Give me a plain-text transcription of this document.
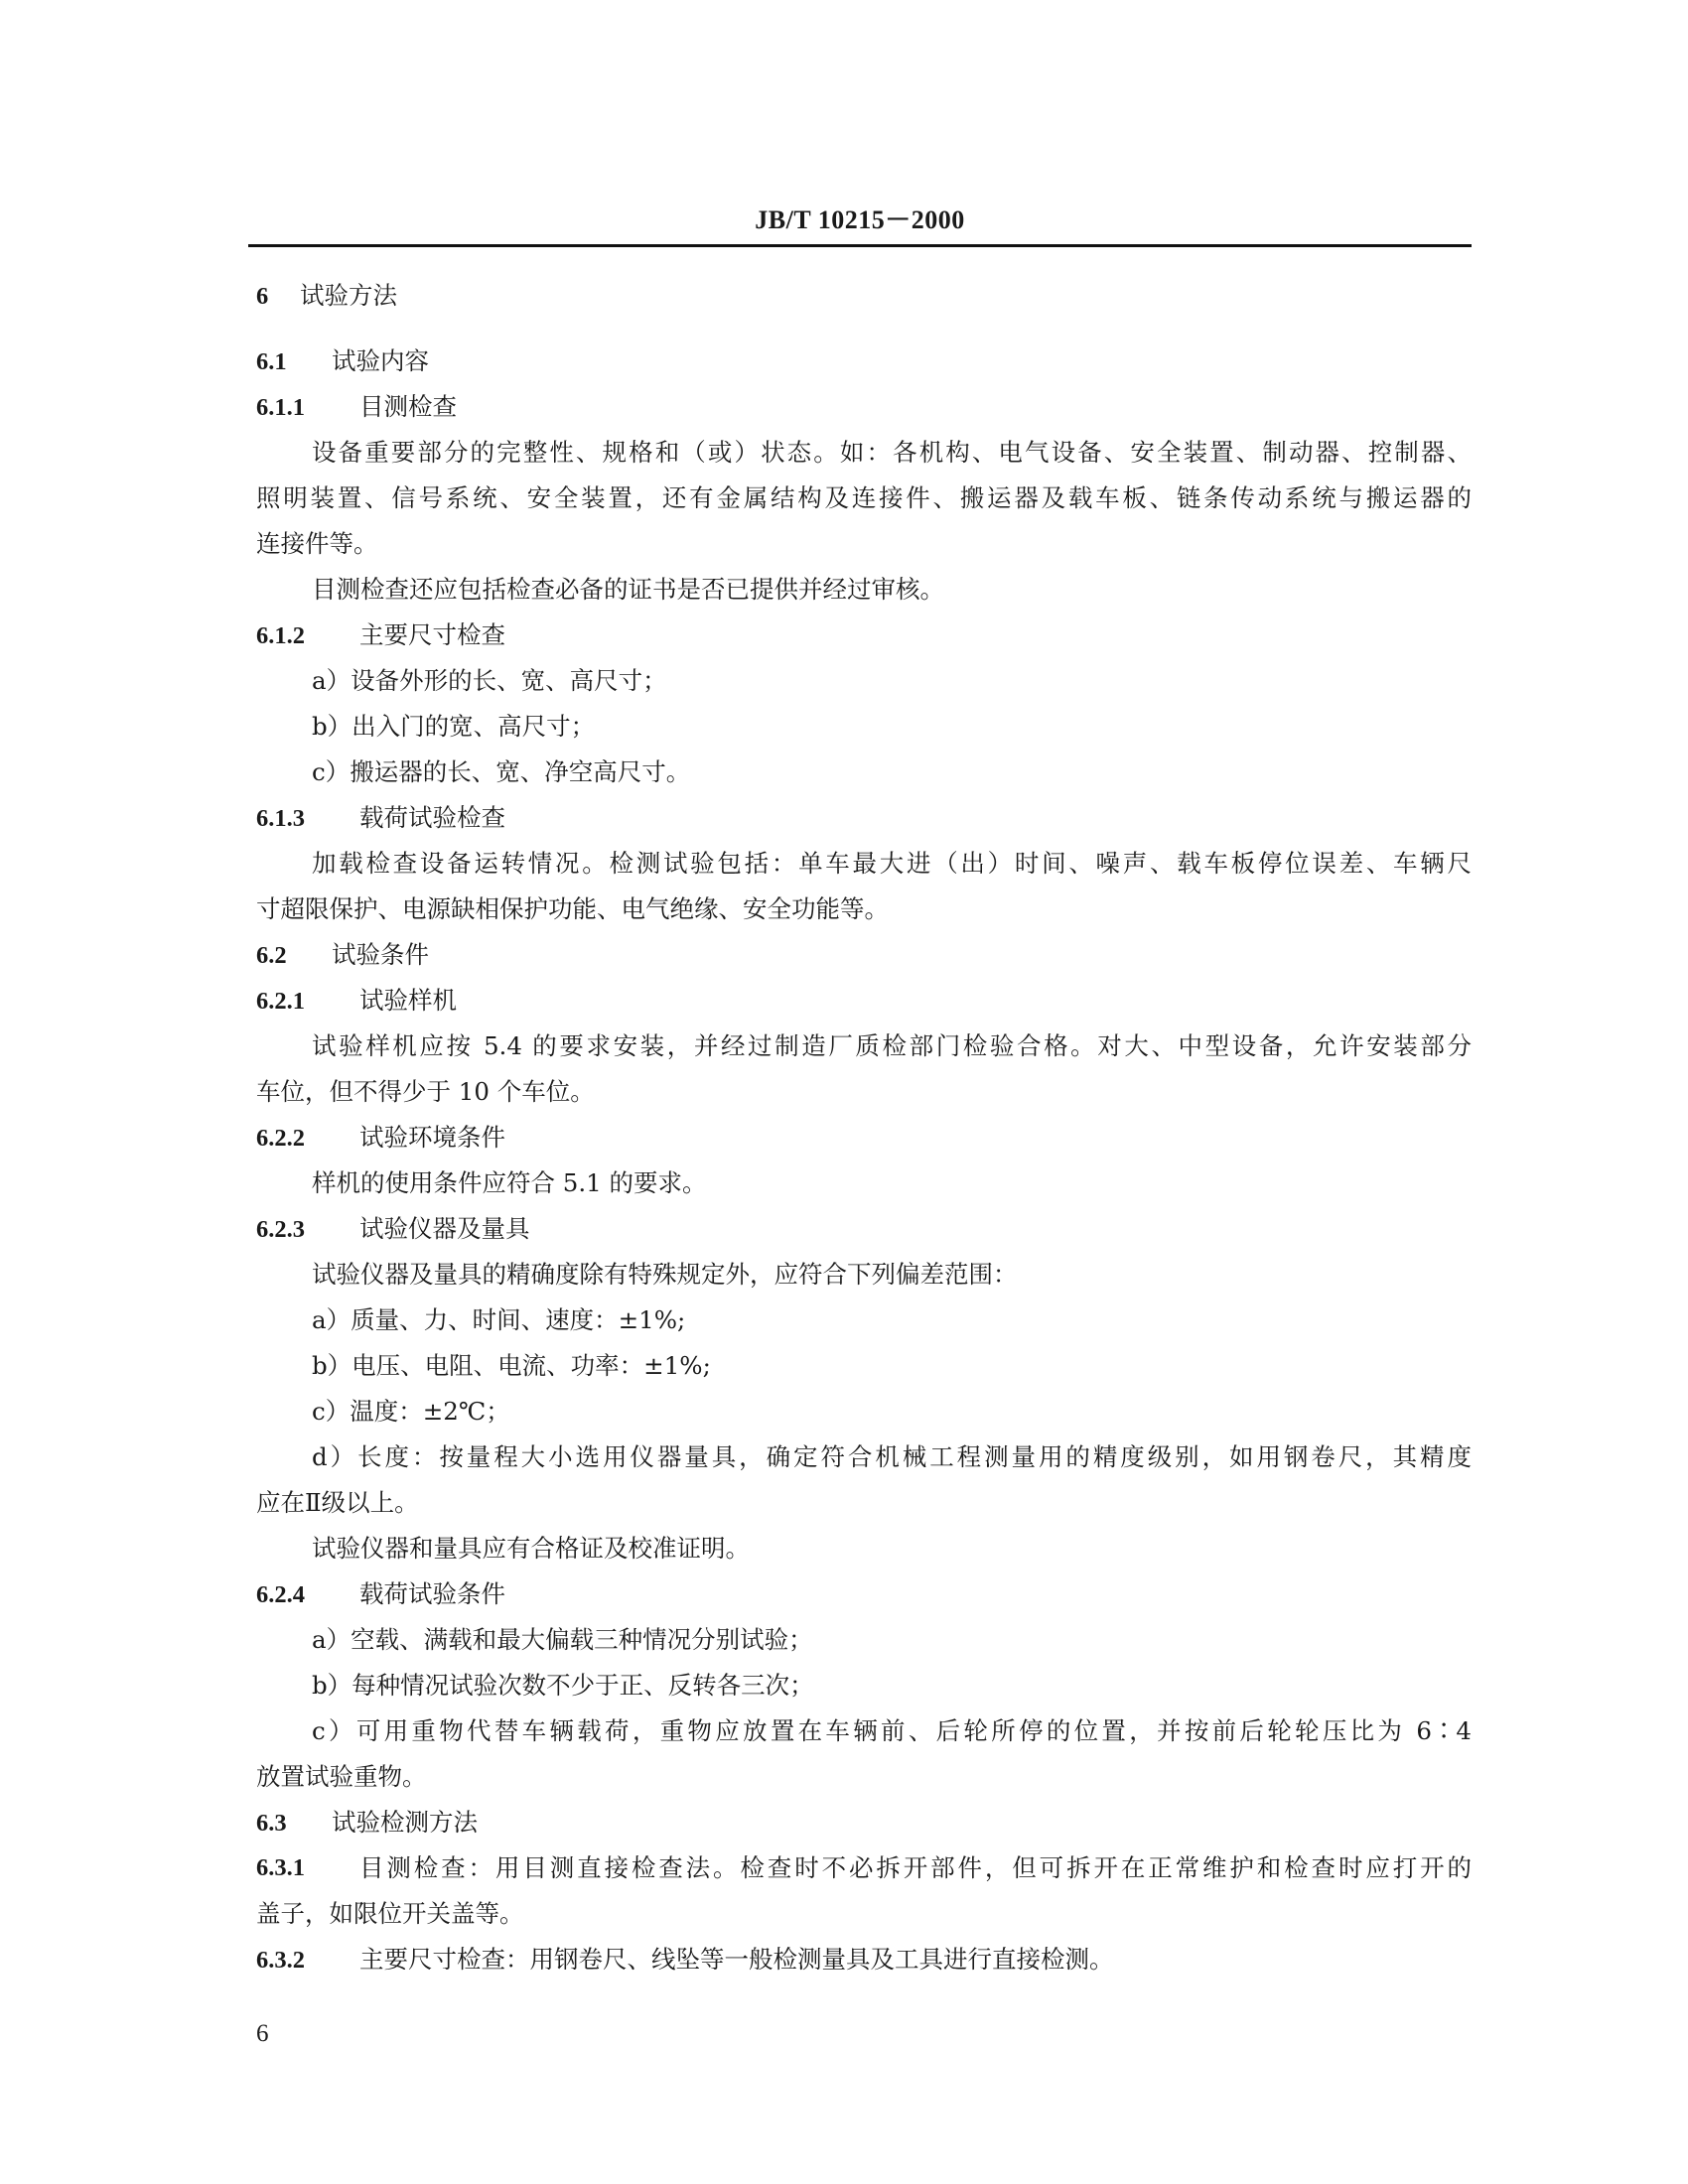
JB/T 10215－2000
6 试验方法
6.1 试验内容
6.1.1 目测检查
设备重要部分的完整性、规格和（或）状态。如：各机构、电气设备、安全装置、制动器、控制器、
照明装置、信号系统、安全装置，还有金属结构及连接件、搬运器及载车板、链条传动系统与搬运器的
连接件等。
目测检查还应包括检查必备的证书是否已提供并经过审核。
6.1.2 主要尺寸检查
a）设备外形的长、宽、高尺寸；
b）出入门的宽、高尺寸；
c）搬运器的长、宽、净空高尺寸。
6.1.3 载荷试验检查
加载检查设备运转情况。检测试验包括：单车最大进（出）时间、噪声、载车板停位误差、车辆尺
寸超限保护、电源缺相保护功能、电气绝缘、安全功能等。
6.2 试验条件
6.2.1 试验样机
试验样机应按 5.4 的要求安装，并经过制造厂质检部门检验合格。对大、中型设备，允许安装部分
车位，但不得少于 10 个车位。
6.2.2 试验环境条件
样机的使用条件应符合 5.1 的要求。
6.2.3 试验仪器及量具
试验仪器及量具的精确度除有特殊规定外，应符合下列偏差范围：
a）质量、力、时间、速度：±1%;
b）电压、电阻、电流、功率：±1%;
c）温度：±2℃；
d）长度：按量程大小选用仪器量具，确定符合机械工程测量用的精度级别，如用钢卷尺，其精度
应在Ⅱ级以上。
试验仪器和量具应有合格证及校准证明。
6.2.4 载荷试验条件
a）空载、满载和最大偏载三种情况分别试验；
b）每种情况试验次数不少于正、反转各三次；
c）可用重物代替车辆载荷，重物应放置在车辆前、后轮所停的位置，并按前后轮轮压比为 6∶4
放置试验重物。
6.3 试验检测方法
6.3.1	目测检查：用目测直接检查法。检查时不必拆开部件，但可拆开在正常维护和检查时应打开的
盖子，如限位开关盖等。
6.3.2 主要尺寸检查：用钢卷尺、线坠等一般检测量具及工具进行直接检测。
6
